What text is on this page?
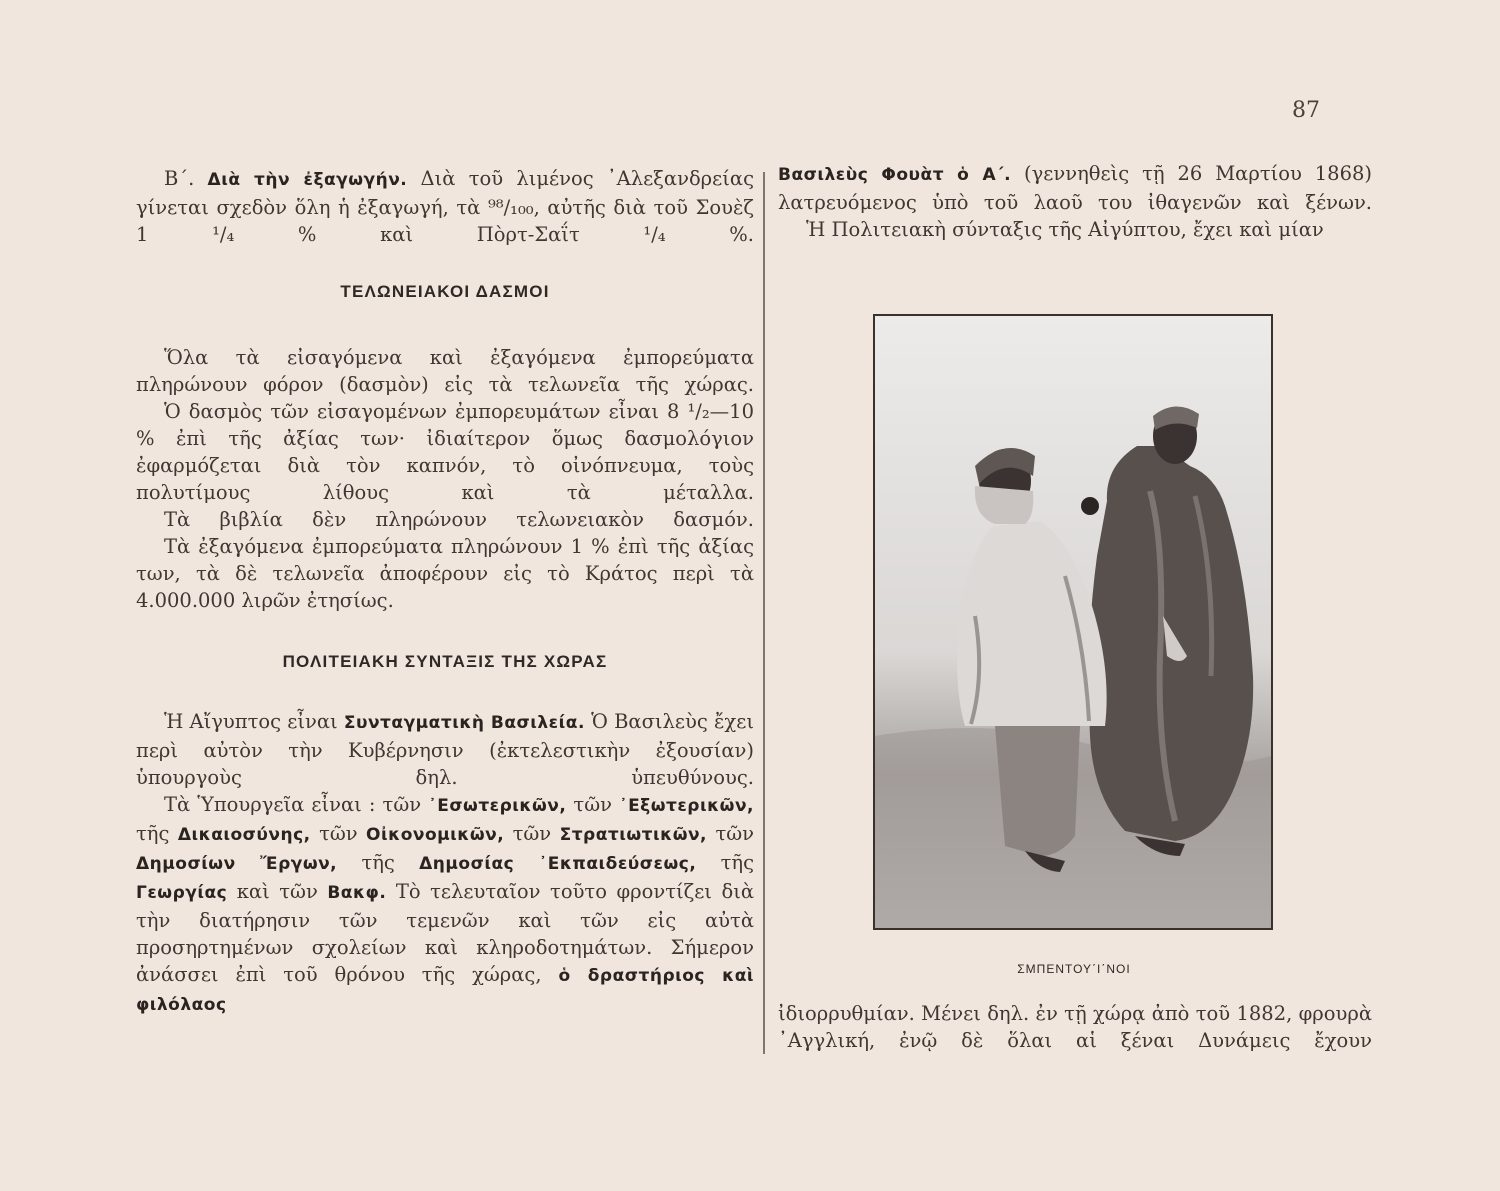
87

Β΄. Διὰ τὴν ἐξαγωγήν. Διὰ τοῦ λιμένος ᾿Αλεξανδρείας γίνεται σχεδὸν ὅλη ἡ ἐξαγωγή, τὰ ⁹⁸/₁₀₀, αὐτῆς διὰ τοῦ Σουὲζ 1 ¹/₄ % καὶ Πὸρτ-Σαΐτ ¹/₄ %.

ΤΕΛΩΝΕΙΑΚΟΙ ΔΑΣΜΟΙ

Ὅλα τὰ εἰσαγόμενα καὶ ἐξαγόμενα ἐμπορεύματα πληρώνουν φόρον (δασμὸν) εἰς τὰ τελωνεῖα τῆς χώρας.

Ὁ δασμὸς τῶν εἰσαγομένων ἐμπορευμάτων εἶναι 8 ¹/₂—10 % ἐπὶ τῆς ἀξίας των· ἰδιαίτερον ὅμως δασμολόγιον ἐφαρμόζεται διὰ τὸν καπνόν, τὸ οἰνόπνευμα, τοὺς πολυτίμους λίθους καὶ τὰ μέταλλα.

Τὰ βιβλία δὲν πληρώνουν τελωνειακὸν δασμόν.

Τὰ ἐξαγόμενα ἐμπορεύματα πληρώνουν 1 % ἐπὶ τῆς ἀξίας των, τὰ δὲ τελωνεῖα ἀποφέρουν εἰς τὸ Κράτος περὶ τὰ 4.000.000 λιρῶν ἐτησίως.

ΠΟΛΙΤΕΙΑΚΗ ΣΥΝΤΑΞΙΣ ΤΗΣ ΧΩΡΑΣ

Ἡ Αἴγυπτος εἶναι Συνταγματικὴ Βασιλεία. Ὁ Βασιλεὺς ἔχει περὶ αὐτὸν τὴν Κυβέρνησιν (ἐκτελεστικὴν ἐξουσίαν) ὑπουργοὺς δηλ. ὑπευθύνους.

Τὰ Ὑπουργεῖα εἶναι : τῶν ᾿Εσωτερικῶν, τῶν ᾿Εξωτερικῶν, τῆς Δικαιοσύνης, τῶν Οἰκονομικῶν, τῶν Στρατιωτικῶν, τῶν Δημοσίων Ἔργων, τῆς Δημοσίας ᾿Εκπαιδεύσεως, τῆς Γεωργίας καὶ τῶν Βακφ. Τὸ τελευταῖον τοῦτο φροντίζει διὰ τὴν διατήρησιν τῶν τεμενῶν καὶ τῶν εἰς αὐτὰ προσηρτημένων σχολείων καὶ κληροδοτημάτων. Σήμερον ἀνάσσει ἐπὶ τοῦ θρόνου τῆς χώρας, ὁ δραστήριος καὶ φιλόλαος

Βασιλεὺς Φουὰτ ὁ Α΄. (γεννηθεὶς τῇ 26 Μαρτίου 1868) λατρευόμενος ὑπὸ τοῦ λαοῦ του ἰθαγενῶν καὶ ξένων.

Ἡ Πολιτειακὴ σύνταξις τῆς Αἰγύπτου, ἔχει καὶ μίαν

ΣΜΠΕΝΤΟΥ΄Ι΄ΝΟΙ

ἰδιορρυθμίαν. Μένει δηλ. ἐν τῇ χώρᾳ ἀπὸ τοῦ 1882, φρουρὰ ᾿Αγγλική, ἐνῷ δὲ ὅλαι αἱ ξέναι Δυνάμεις ἔχουν
